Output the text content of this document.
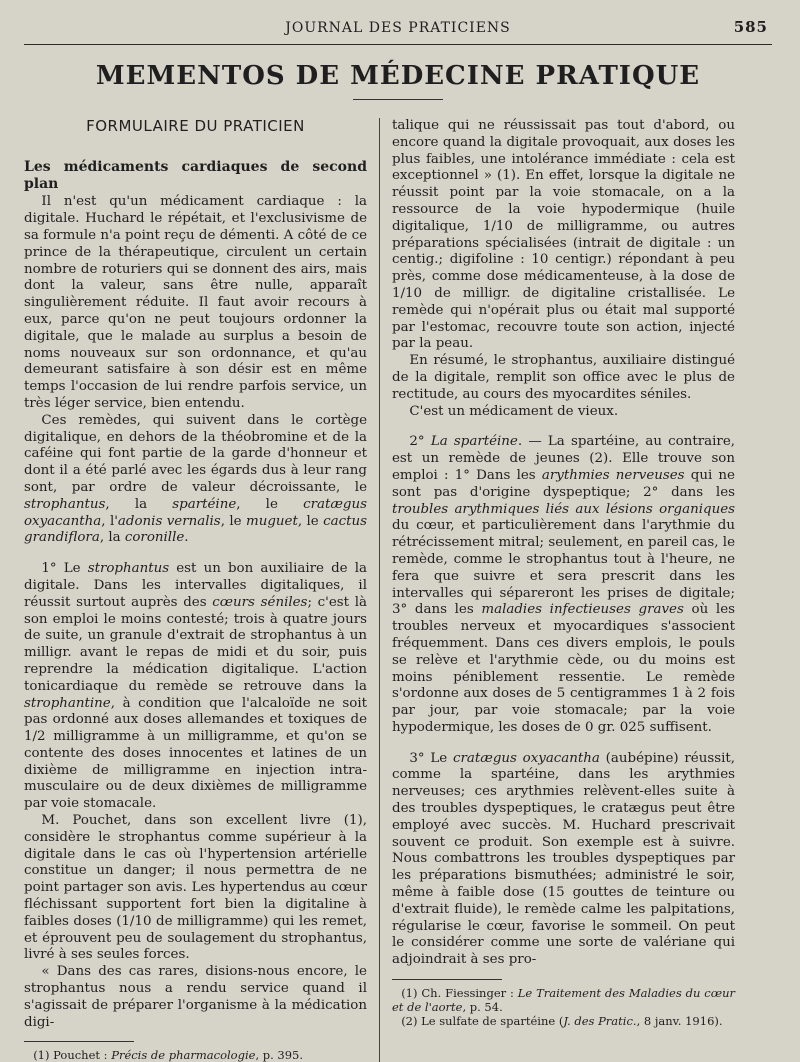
JOURNAL DES PRATICIENS	585
MEMENTOS DE MÉDECINE PRATIQUE
FORMULAIRE DU PRATICIEN
Les médicaments cardiaques de second plan

Il n'est qu'un médicament cardiaque : la digitale. Huchard le répétait, et l'exclusivisme de sa formule n'a point reçu de démenti. A côté de ce prince de la thérapeutique, circulent un certain nombre de roturiers qui se donnent des airs, mais dont la valeur, sans être nulle, apparaît singulièrement réduite. Il faut avoir recours à eux, parce qu'on ne peut toujours ordonner la digitale, que le malade au surplus a besoin de noms nouveaux sur son ordonnance, et qu'au demeurant satisfaire à son désir est en même temps l'occasion de lui rendre parfois service, un très léger service, bien entendu.

Ces remèdes, qui suivent dans le cortège digitalique, en dehors de la théobromine et de la caféine qui font partie de la garde d'honneur et dont il a été parlé avec les égards dus à leur rang sont, par ordre de valeur décroissante, le strophantus, la spartéine, le cratægus oxyacantha, l'adonis vernalis, le muguet, le cactus grandiflora, la coronille.

1° Le strophantus est un bon auxiliaire de la digitale. Dans les intervalles digitaliques, il réussit surtout auprès des cœurs séniles; c'est là son emploi le moins contesté; trois à quatre jours de suite, un granule d'extrait de strophantus à un milligr. avant le repas de midi et du soir, puis reprendre la médication digitalique. L'action tonicardiaque du remède se retrouve dans la strophantine, à condition que l'alcaloïde ne soit pas ordonné aux doses allemandes et toxiques de 1/2 milligramme à un milligramme, et qu'on se contente des doses innocentes et latines de un dixième de milligramme en injection intra-musculaire ou de deux dixièmes de milligramme par voie stomacale.

M. Pouchet, dans son excellent livre (1), considère le strophantus comme supérieur à la digitale dans le cas où l'hypertension artérielle constitue un danger; il nous permettra de ne point partager son avis. Les hypertendus au cœur fléchissant supportent fort bien la digitaline à faibles doses (1/10 de milligramme) qui les remet, et éprouvent peu de soulagement du strophantus, livré à ses seules forces.

« Dans des cas rares, disions-nous encore, le strophantus nous a rendu service quand il s'agissait de préparer l'organisme à la médication digi-

(1) Pouchet : Précis de pharmacologie, p. 395.

talique qui ne réussissait pas tout d'abord, ou encore quand la digitale provoquait, aux doses les plus faibles, une intolérance immédiate : cela est exceptionnel » (1). En effet, lorsque la digitale ne réussit point par la voie stomacale, on a la ressource de la voie hypodermique (huile digitalique, 1/10 de milligramme, ou autres préparations spécialisées (intrait de digitale : un centig.; digifoline : 10 centigr.) répondant à peu près, comme dose médicamenteuse, à la dose de 1/10 de milligr. de digitaline cristallisée. Le remède qui n'opérait plus ou était mal supporté par l'estomac, recouvre toute son action, injecté par la peau.

En résumé, le strophantus, auxiliaire distingué de la digitale, remplit son office avec le plus de rectitude, au cours des myocardites séniles.

C'est un médicament de vieux.

2° La spartéine. — La spartéine, au contraire, est un remède de jeunes (2). Elle trouve son emploi : 1° Dans les arythmies nerveuses qui ne sont pas d'origine dyspeptique; 2° dans les troubles arythmiques liés aux lésions organiques du cœur, et particulièrement dans l'arythmie du rétrécissement mitral; seulement, en pareil cas, le remède, comme le strophantus tout à l'heure, ne fera que suivre et sera prescrit dans les intervalles qui sépareront les prises de digitale; 3° dans les maladies infectieuses graves où les troubles nerveux et myocardiques s'associent fréquemment. Dans ces divers emplois, le pouls se relève et l'arythmie cède, ou du moins est moins péniblement ressentie. Le remède s'ordonne aux doses de 5 centigrammes 1 à 2 fois par jour, par voie stomacale; par la voie hypodermique, les doses de 0 gr. 025 suffisent.

3° Le cratægus oxyacantha (aubépine) réussit, comme la spartéine, dans les arythmies nerveuses; ces arythmies relèvent-elles suite à des troubles dyspeptiques, le cratægus peut être employé avec succès. M. Huchard prescrivait souvent ce produit. Son exemple est à suivre. Nous combattrons les troubles dyspeptiques par les préparations bismuthées; administré le soir, même à faible dose (15 gouttes de teinture ou d'extrait fluide), le remède calme les palpitations, régularise le cœur, favorise le sommeil. On peut le considérer comme une sorte de valériane qui adjoindrait à ses pro-

(1) Ch. Fiessinger : Le Traitement des Maladies du cœur et de l'aorte, p. 54.
(2) Le sulfate de spartéine (J. des Pratic., 8 janv. 1916).
